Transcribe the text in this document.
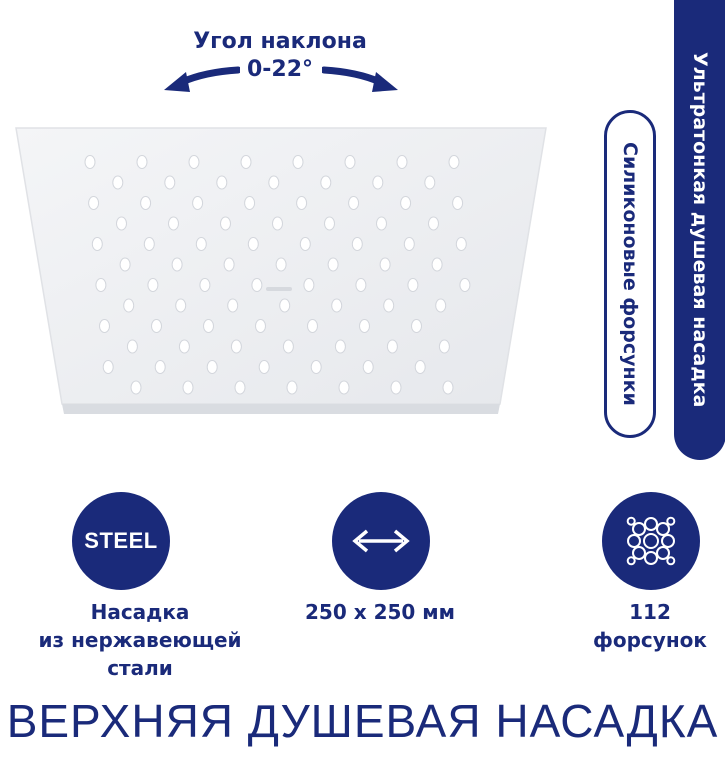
Угол наклона
0-22°
Силиконовые форсунки	Ультратонкая душевая насадка
STEEL
Насадка
из нержавеющей
стали
250 х 250 мм	112
форсунок
ВЕРХНЯЯ ДУШЕВАЯ НАСАДКА
